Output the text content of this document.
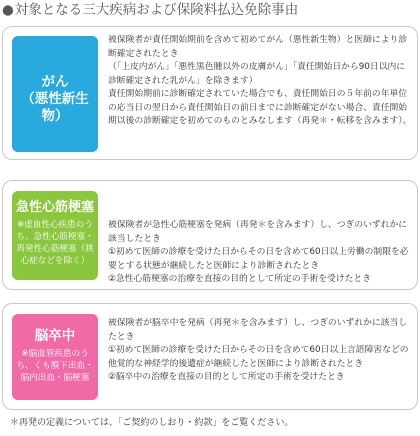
●対象となる三大疾病および保険料払込免除事由
がん
（悪性新生物）

被保険者が責任開始期前を含めて初めてがん（悪性新生物）と医師により診断確定されたとき

（「上皮内がん」「悪性黒色腫以外の皮膚がん」「責任開始日から90日以内に診断確定された乳がん」を除きます）

責任開始期前に診断確定されていた場合でも、責任開始日の５年前の年単位の応当日の翌日から責任開始日の前日までに診断確定がない場合、責任開始期以後の診断確定を初めてのものとみなします（再発＊・転移を含みます）。

急性心筋梗塞
※虚血性心疾患のうち、急性心筋梗塞・再発性心筋梗塞（狭心症などを除く）

被保険者が急性心筋梗塞を発病（再発＊を含みます）し、つぎのいずれかに該当したとき

①初めて医師の診療を受けた日からその日を含めて60日以上労働の制限を必要とする状態が継続したと医師により診断されたとき

②急性心筋梗塞の治療を直接の目的として所定の手術を受けたとき

脳卒中
※脳血管疾患のうち、くも膜下出血・脳内出血・脳梗塞

被保険者が脳卒中を発病（再発＊を含みます）し、つぎのいずれかに該当したとき

①初めて医師の診療を受けた日からその日を含めて60日以上言語障害などの他覚的な神経学的後遺症が継続したと医師により診断されたとき

②脳卒中の治療を直接の目的として所定の手術を受けたとき

＊再発の定義については、「ご契約のしおり・約款」をご覧ください。
